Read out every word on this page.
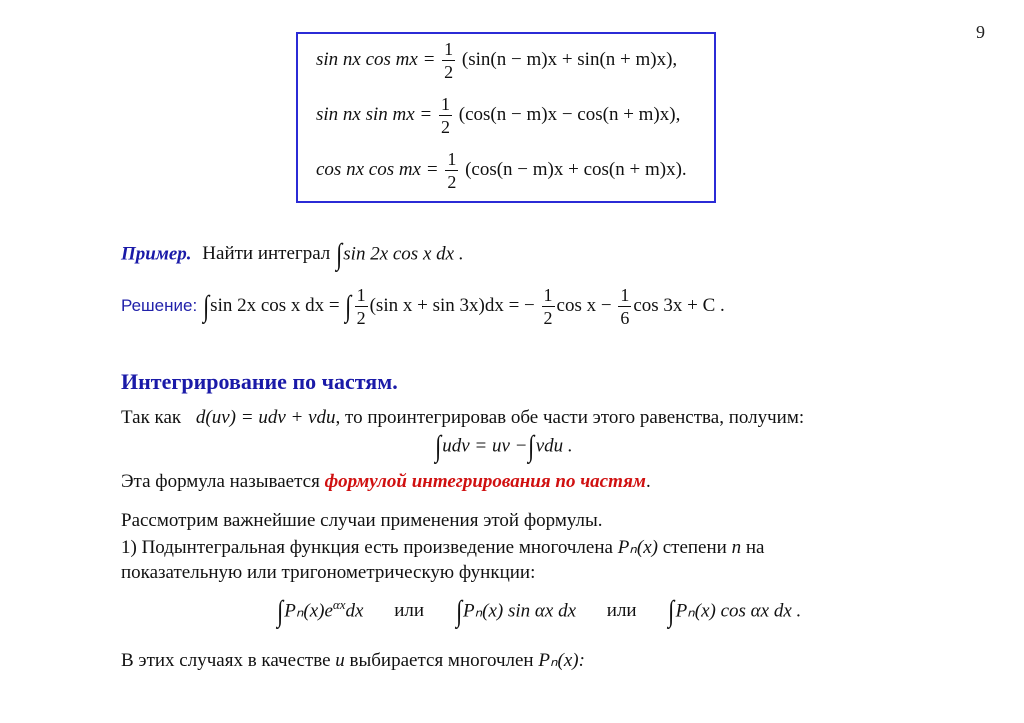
9
sin nx cos mx = $\frac{1}{2} (\sin(n - m)x + \sin(n + m)x)$,
sin nx sin mx = $\frac{1}{2} (\cos(n - m)x - \cos(n + m)x)$,
cos nx cos mx = $\frac{1}{2} (\cos(n - m)x + \cos(n + m)x)$.
Пример. Найти интеграл ∫sin 2x cos x dx .
Решение: ∫sin 2x cos x dx = ∫ $\frac{1}{2} (\sin$ x + sin 3x)dx = − $\frac{1}{2}$ $\cos x - \frac{1}{6}$ cos 3x + C .
Интегрирование по частям.
Так как d(uv) = udv + vdu, то проинтегрировав обе части этого равенства, получим:
∫udv = uv −∫vdu .
Эта формула называется формулой интегрирования по частям.
Рассмотрим важнейшие случаи применения этой формулы.
1) Подынтегральная функция есть произведение многочлена Pₙ(x) степени n на
показательную или тригонометрическую функции:
$\int P_n(x)e^{\alpha x}dx$ или ∫Pₙ(x) sin αx dx или ∫Pₙ(x) cos αx dx .
В этих случаях в качестве u выбирается многочлен Pₙ(x):
